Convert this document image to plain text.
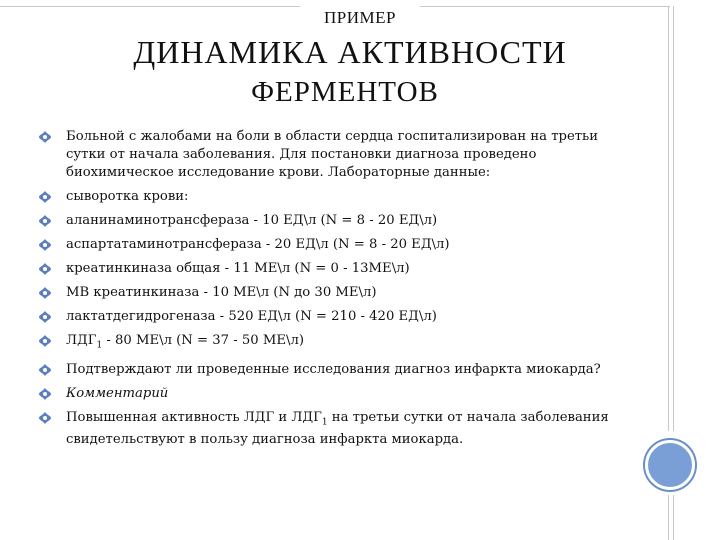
ПРИМЕР
ДИНАМИКА АКТИВНОСТИ
ФЕРМЕНТОВ
Больной с жалобами на боли в области сердца госпитализирован на третьи сутки от начала заболевания. Для постановки диагноза проведено биохимическое исследование крови. Лабораторные данные:
сыворотка крови:
аланинаминотрансфераза - 10 ЕД\л (N = 8 - 20 ЕД\л)
аспартатаминотрансфераза - 20 ЕД\л (N = 8 - 20 ЕД\л)
креатинкиназа общая - 11 МЕ\л (N = 0 - 13МЕ\л)
МВ креатинкиназа - 10 МЕ\л (N до 30 МЕ\л)
лактатдегидрогеназа - 520 ЕД\л (N = 210 - 420 ЕД\л)
$ЛДГ_1 - 80$ МЕ\л (N = 37 - 50 МЕ\л)
Подтверждают ли проведенные исследования диагноз инфаркта миокарда?
Комментарий
Повышенная активность ЛДГ и $ЛДГ_1$ на третьи сутки от начала заболевания свидетельствуют в пользу диагноза инфаркта миокарда.
